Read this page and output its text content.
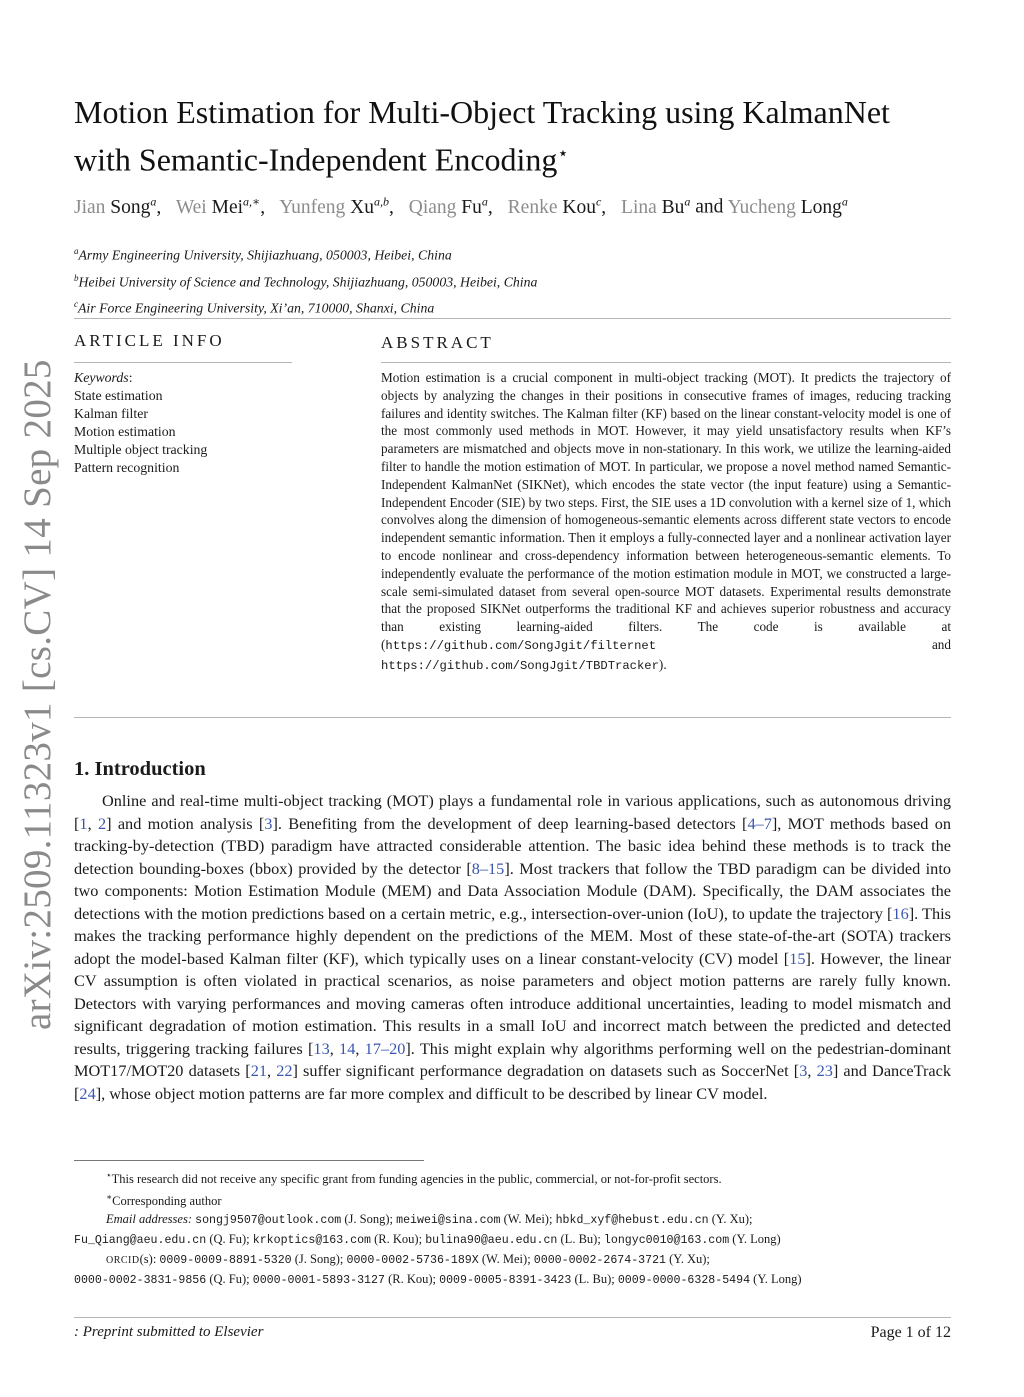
arXiv:2509.11323v1 [cs.CV] 14 Sep 2025
Motion Estimation for Multi-Object Tracking using KalmanNet
with Semantic-Independent Encoding⋆
Jian Song$^a$, Wei Mei$^{a,∗}$, Yunfeng Xu$^{a,b}$, Qiang Fu$^a$, Renke Kou$^c$, Lina Bu$^a$ and Yucheng Long$^a$
$^a$Army Engineering University, Shijiazhuang, 050003, Heibei, China
$^b$Heibei University of Science and Technology, Shijiazhuang, 050003, Heibei, China
$^c$Air Force Engineering University, Xi’an, 710000, Shanxi, China
ARTICLE INFO	ABSTRACT
Keywords:
State estimation
Kalman filter
Motion estimation
Multiple object tracking
Pattern recognition
Motion estimation is a crucial component in multi-object tracking (MOT). It predicts the trajectory of objects by analyzing the changes in their positions in consecutive frames of images, reducing tracking failures and identity switches. The Kalman filter (KF) based on the linear constant-velocity model is one of the most commonly used methods in MOT. However, it may yield unsatisfactory results when KF’s parameters are mismatched and objects move in non-stationary. In this work, we utilize the learning-aided filter to handle the motion estimation of MOT. In particular, we propose a novel method named Semantic-Independent KalmanNet (SIKNet), which encodes the state vector (the input feature) using a Semantic-Independent Encoder (SIE) by two steps. First, the SIE uses a 1D convolution with a kernel size of 1, which convolves along the dimension of homogeneous-semantic elements across different state vectors to encode independent semantic information. Then it employs a fully-connected layer and a nonlinear activation layer to encode nonlinear and cross-dependency information between heterogeneous-semantic elements. To independently evaluate the performance of the motion estimation module in MOT, we constructed a large-scale semi-simulated dataset from several open-source MOT datasets. Experimental results demonstrate that the proposed SIKNet outperforms the traditional KF and achieves superior robustness and accuracy than existing learning-aided filters. The code is available at (https://github.com/SongJgit/filternet and https://github.com/SongJgit/TBDTracker).
1. Introduction
Online and real-time multi-object tracking (MOT) plays a fundamental role in various applications, such as autonomous driving [1, 2] and motion analysis [3]. Benefiting from the development of deep learning-based detectors [4–7], MOT methods based on tracking-by-detection (TBD) paradigm have attracted considerable attention. The basic idea behind these methods is to track the detection bounding-boxes (bbox) provided by the detector [8–15]. Most trackers that follow the TBD paradigm can be divided into two components: Motion Estimation Module (MEM) and Data Association Module (DAM). Specifically, the DAM associates the detections with the motion predictions based on a certain metric, e.g., intersection-over-union (IoU), to update the trajectory [16]. This makes the tracking performance highly dependent on the predictions of the MEM. Most of these state-of-the-art (SOTA) trackers adopt the model-based Kalman filter (KF), which typically uses on a linear constant-velocity (CV) model [15]. However, the linear CV assumption is often violated in practical scenarios, as noise parameters and object motion patterns are rarely fully known. Detectors with varying performances and moving cameras often introduce additional uncertainties, leading to model mismatch and significant degradation of motion estimation. This results in a small IoU and incorrect match between the predicted and detected results, triggering tracking failures [13, 14, 17–20]. This might explain why algorithms performing well on the pedestrian-dominant MOT17/MOT20 datasets [21, 22] suffer significant performance degradation on datasets such as SoccerNet [3, 23] and DanceTrack [24], whose object motion patterns are far more complex and difficult to be described by linear CV model.
⋆This research did not receive any specific grant from funding agencies in the public, commercial, or not-for-profit sectors.
∗Corresponding author
Email addresses: songj9507@outlook.com (J. Song); meiwei@sina.com (W. Mei); hbkd_xyf@hebust.edu.cn (Y. Xu);
Fu_Qiang@aeu.edu.cn (Q. Fu); krkoptics@163.com (R. Kou); bulina90@aeu.edu.cn (L. Bu); longyc0010@163.com (Y. Long)
ORCID(s): 0009-0009-8891-5320 (J. Song); 0000-0002-5736-189X (W. Mei); 0000-0002-2674-3721 (Y. Xu);
0000-0002-3831-9856 (Q. Fu); 0000-0001-5893-3127 (R. Kou); 0009-0005-8391-3423 (L. Bu); 0009-0000-6328-5494 (Y. Long)
: Preprint submitted to Elsevier	Page 1 of 12
